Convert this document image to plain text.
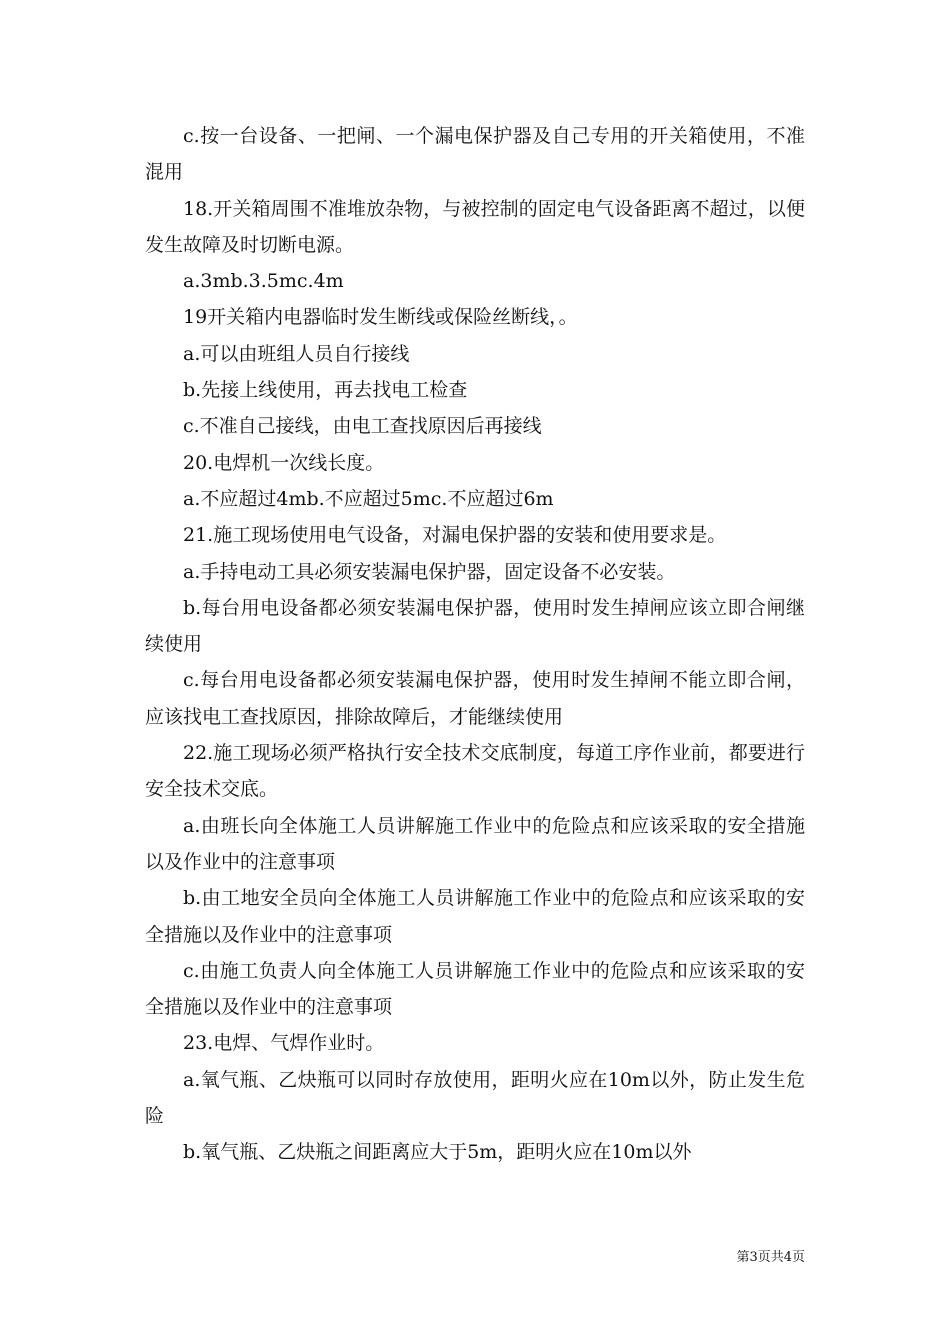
c.按一台设备、一把闸、一个漏电保护器及自己专用的开关箱使用，不准混用

18.开关箱周围不准堆放杂物，与被控制的固定电气设备距离不超过，以便发生故障及时切断电源。

a.3mb.3.5mc.4m

19开关箱内电器临时发生断线或保险丝断线，。

a.可以由班组人员自行接线

b.先接上线使用，再去找电工检查

c.不准自己接线，由电工查找原因后再接线

20.电焊机一次线长度。

a.不应超过4mb.不应超过5mc.不应超过6m

21.施工现场使用电气设备，对漏电保护器的安装和使用要求是。

a.手持电动工具必须安装漏电保护器，固定设备不必安装。

b.每台用电设备都必须安装漏电保护器，使用时发生掉闸应该立即合闸继续使用

c.每台用电设备都必须安装漏电保护器，使用时发生掉闸不能立即合闸，应该找电工查找原因，排除故障后，才能继续使用

22.施工现场必须严格执行安全技术交底制度，每道工序作业前，都要进行安全技术交底。

a.由班长向全体施工人员讲解施工作业中的危险点和应该采取的安全措施以及作业中的注意事项

b.由工地安全员向全体施工人员讲解施工作业中的危险点和应该采取的安全措施以及作业中的注意事项

c.由施工负责人向全体施工人员讲解施工作业中的危险点和应该采取的安全措施以及作业中的注意事项

23.电焊、气焊作业时。

a.氧气瓶、乙炔瓶可以同时存放使用，距明火应在10m以外，防止发生危险

b.氧气瓶、乙炔瓶之间距离应大于5m，距明火应在10m以外

第3页共4页
